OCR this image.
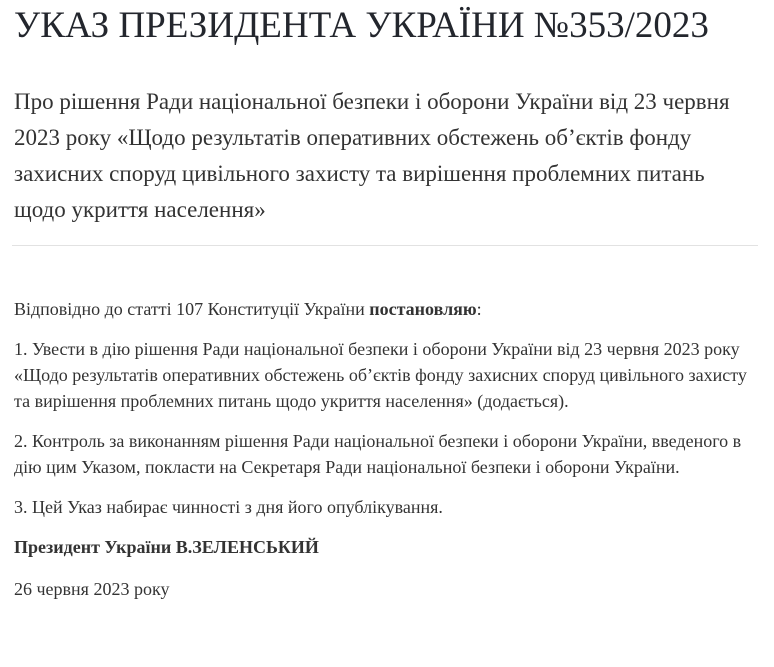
УКАЗ ПРЕЗИДЕНТА УКРАЇНИ №353/2023
Про рішення Ради національної безпеки і оборони України від 23 червня 2023 року «Щодо результатів оперативних обстежень об’єктів фонду захисних споруд цивільного захисту та вирішення проблемних питань щодо укриття населення»

Відповідно до статті 107 Конституції України постановляю:

1. Увести в дію рішення Ради національної безпеки і оборони України від 23 червня 2023 року «Щодо результатів оперативних обстежень об’єктів фонду захисних споруд цивільного захисту та вирішення проблемних питань щодо укриття населення» (додається).

2. Контроль за виконанням рішення Ради національної безпеки і оборони України, введеного в дію цим Указом, покласти на Секретаря Ради національної безпеки і оборони України.

3. Цей Указ набирає чинності з дня його опублікування.

Президент України В.ЗЕЛЕНСЬКИЙ

26 червня 2023 року
